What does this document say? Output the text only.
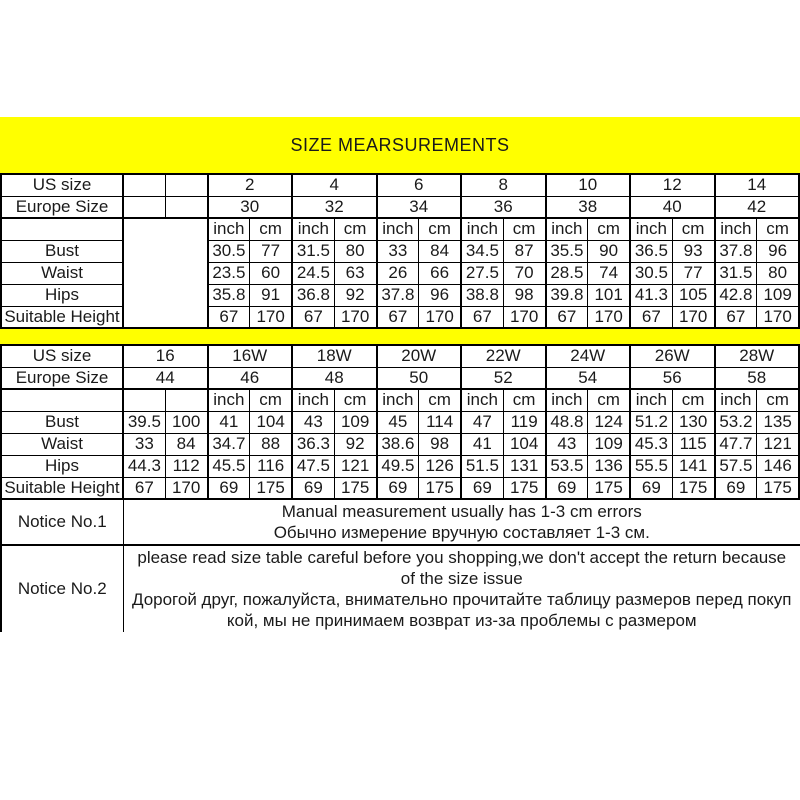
SIZE MEARSUREMENTS
US size			2		4		6		8		10		12		14	
Europe Size			30		32		34		36		38		40		42	
			inch	cm	inch	cm	inch	cm	inch	cm	inch	cm	inch	cm	inch	cm
Bust			30.5	77	31.5	80	33	84	34.5	87	35.5	90	36.5	93	37.8	96
Waist			23.5	60	24.5	63	26	66	27.5	70	28.5	74	30.5	77	31.5	80
Hips			35.8	91	36.8	92	37.8	96	38.8	98	39.8	101	41.3	105	42.8	109
Suitable Height			67	170	67	170	67	170	67	170	67	170	67	170	67	170
US size	16		16W		18W		20W		22W		24W		26W		28W	
Europe Size	44		46		48		50		52		54		56		58	
			inch	cm	inch	cm	inch	cm	inch	cm	inch	cm	inch	cm	inch	cm
Bust	39.5	100	41	104	43	109	45	114	47	119	48.8	124	51.2	130	53.2	135
Waist	33	84	34.7	88	36.3	92	38.6	98	41	104	43	109	45.3	115	47.7	121
Hips	44.3	112	45.5	116	47.5	121	49.5	126	51.5	131	53.5	136	55.5	141	57.5	146
Suitable Height	67	170	69	175	69	175	69	175	69	175	69	175	69	175	69	175
Notice No.1	Manual measurement usually has 1-3 cm errors
Обычно измерение вручную составляет 1-3 см.

Notice No.2	please read size table careful before you shopping,we don't accept the return because
of the size issue
Дорогой друг, пожалуйста, внимательно прочитайте таблицу размеров перед покуп
кой, мы не принимаем возврат из-за проблемы с размером
